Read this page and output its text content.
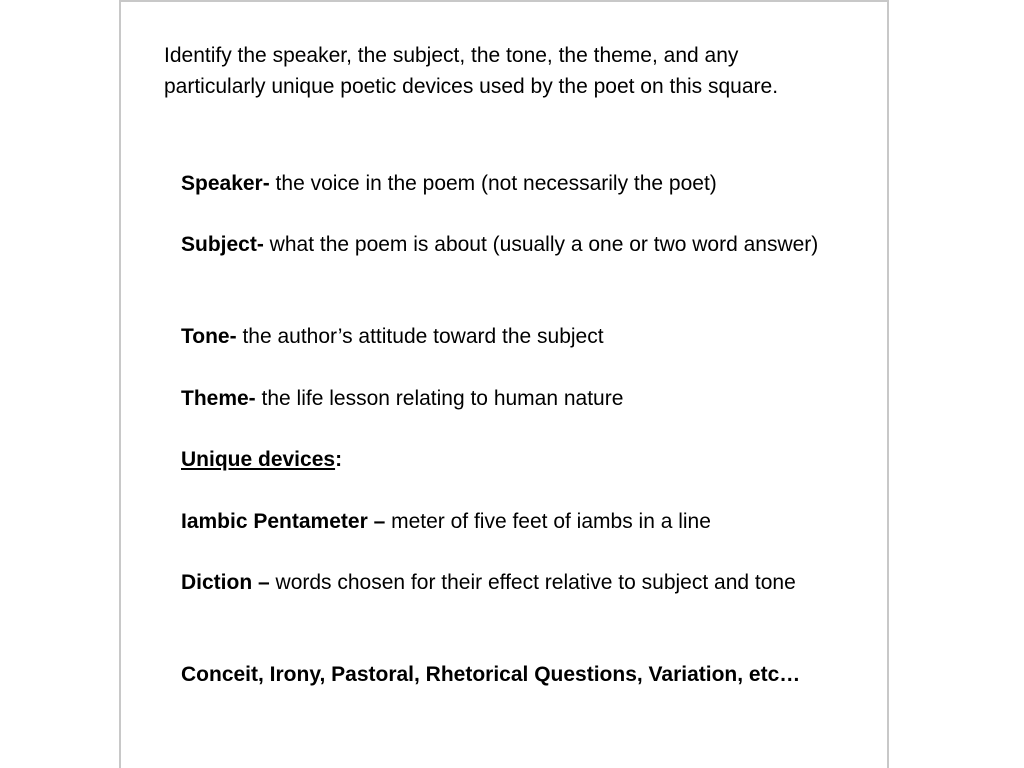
Identify the speaker, the subject, the tone, the theme, and any particularly unique poetic devices used by the poet on this square.

Speaker- the voice in the poem (not necessarily the poet)
Subject- what the poem is about (usually a one or two word answer)
Tone- the author’s attitude toward the subject
Theme- the life lesson relating to human nature
Unique devices:
Iambic Pentameter – meter of five feet of iambs in a line
Diction – words chosen for their effect relative to subject and tone
Conceit, Irony, Pastoral, Rhetorical Questions, Variation, etc…
